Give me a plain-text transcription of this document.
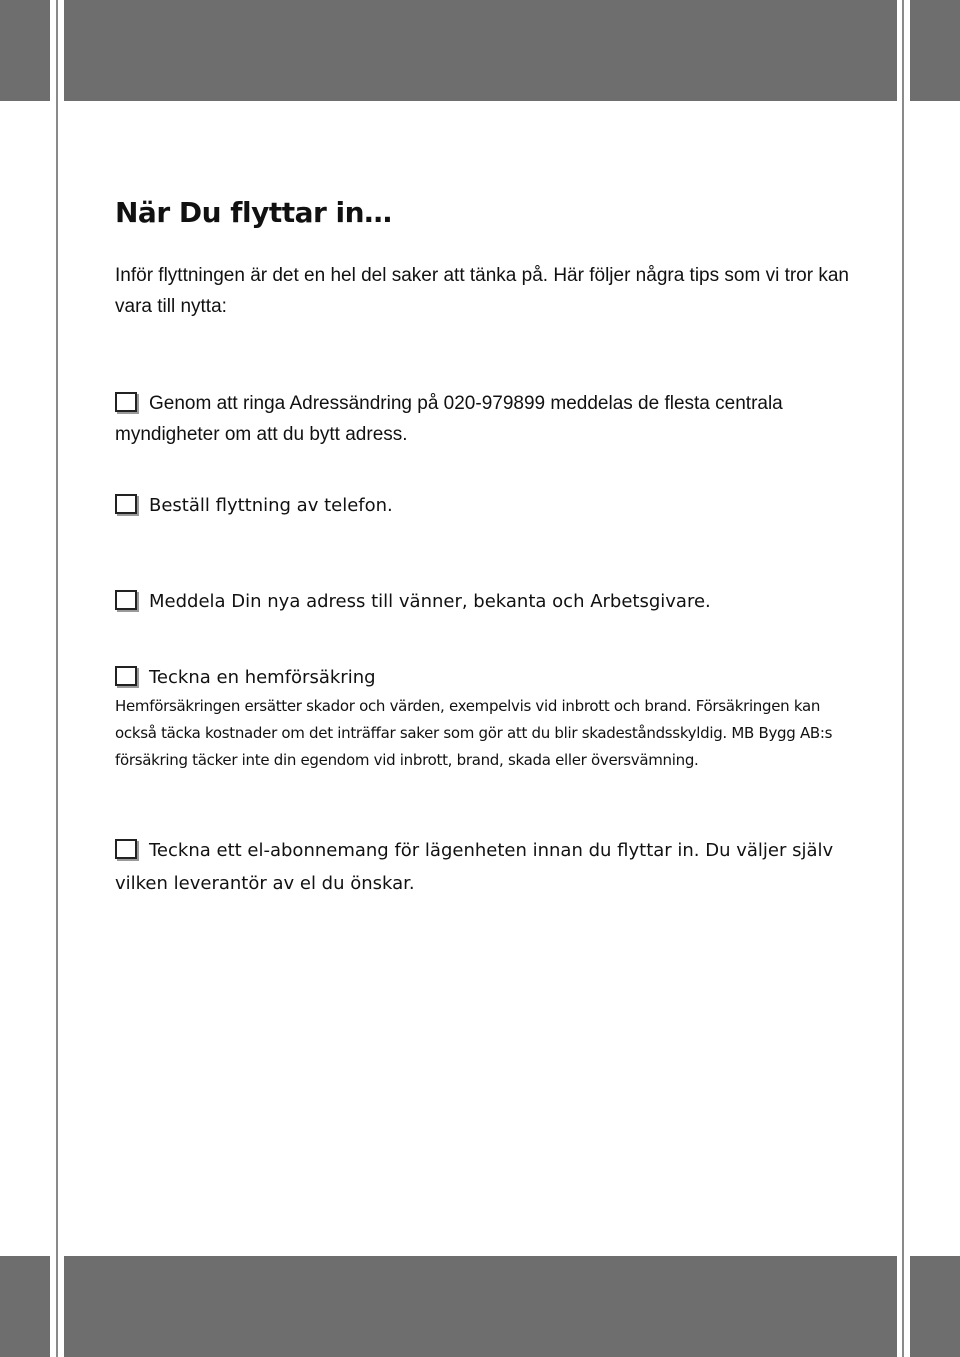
När Du flyttar in…

Inför flyttningen är det en hel del saker att tänka på. Här följer några tips som vi tror kan vara till nytta:

Genom att ringa Adressändring på 020-979899 meddelas de flesta centrala myndigheter om att du bytt adress.

Beställ flyttning av telefon.

Meddela Din nya adress till vänner, bekanta och Arbetsgivare.

Teckna en hemförsäkring

Hemförsäkringen ersätter skador och värden, exempelvis vid inbrott och brand. Försäkringen kan också täcka kostnader om det inträffar saker som gör att du blir skadeståndsskyldig. MB Bygg AB:s försäkring täcker inte din egendom vid inbrott, brand, skada eller översvämning.

Teckna ett el-abonnemang för lägenheten innan du flyttar in. Du väljer själv vilken leverantör av el du önskar.
